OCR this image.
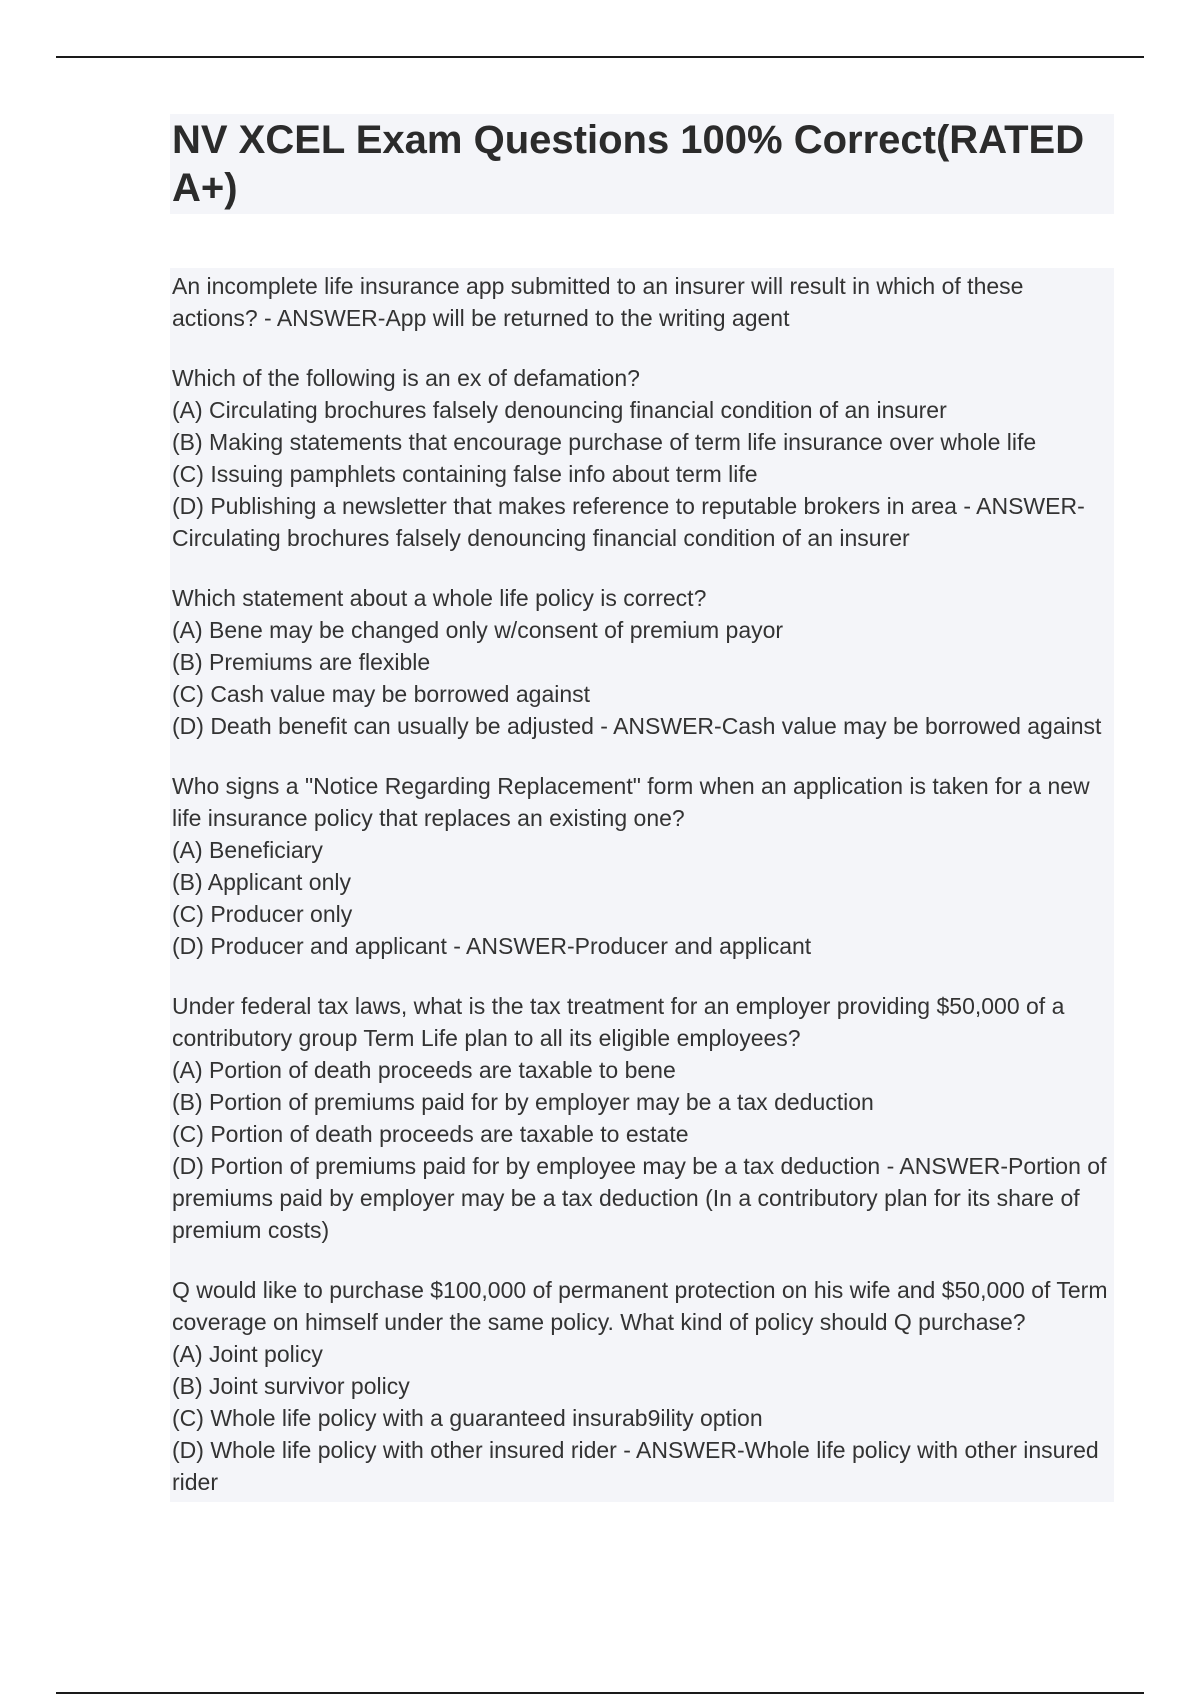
NV XCEL Exam Questions 100% Correct(RATED A+)

An incomplete life insurance app submitted to an insurer will result in which of these actions? - ANSWER-App will be returned to the writing agent

Which of the following is an ex of defamation?
(A) Circulating brochures falsely denouncing financial condition of an insurer
(B) Making statements that encourage purchase of term life insurance over whole life
(C) Issuing pamphlets containing false info about term life
(D) Publishing a newsletter that makes reference to reputable brokers in area - ANSWER-Circulating brochures falsely denouncing financial condition of an insurer

Which statement about a whole life policy is correct?
(A) Bene may be changed only w/consent of premium payor
(B) Premiums are flexible
(C) Cash value may be borrowed against
(D) Death benefit can usually be adjusted - ANSWER-Cash value may be borrowed against

Who signs a "Notice Regarding Replacement" form when an application is taken for a new life insurance policy that replaces an existing one?
(A) Beneficiary
(B) Applicant only
(C) Producer only
(D) Producer and applicant - ANSWER-Producer and applicant

Under federal tax laws, what is the tax treatment for an employer providing $50,000 of a contributory group Term Life plan to all its eligible employees?
(A) Portion of death proceeds are taxable to bene
(B) Portion of premiums paid for by employer may be a tax deduction
(C) Portion of death proceeds are taxable to estate
(D) Portion of premiums paid for by employee may be a tax deduction - ANSWER-Portion of premiums paid by employer may be a tax deduction (In a contributory plan for its share of premium costs)

Q would like to purchase $100,000 of permanent protection on his wife and $50,000 of Term coverage on himself under the same policy. What kind of policy should Q purchase?
(A) Joint policy
(B) Joint survivor policy
(C) Whole life policy with a guaranteed insurab9ility option
(D) Whole life policy with other insured rider - ANSWER-Whole life policy with other insured rider
